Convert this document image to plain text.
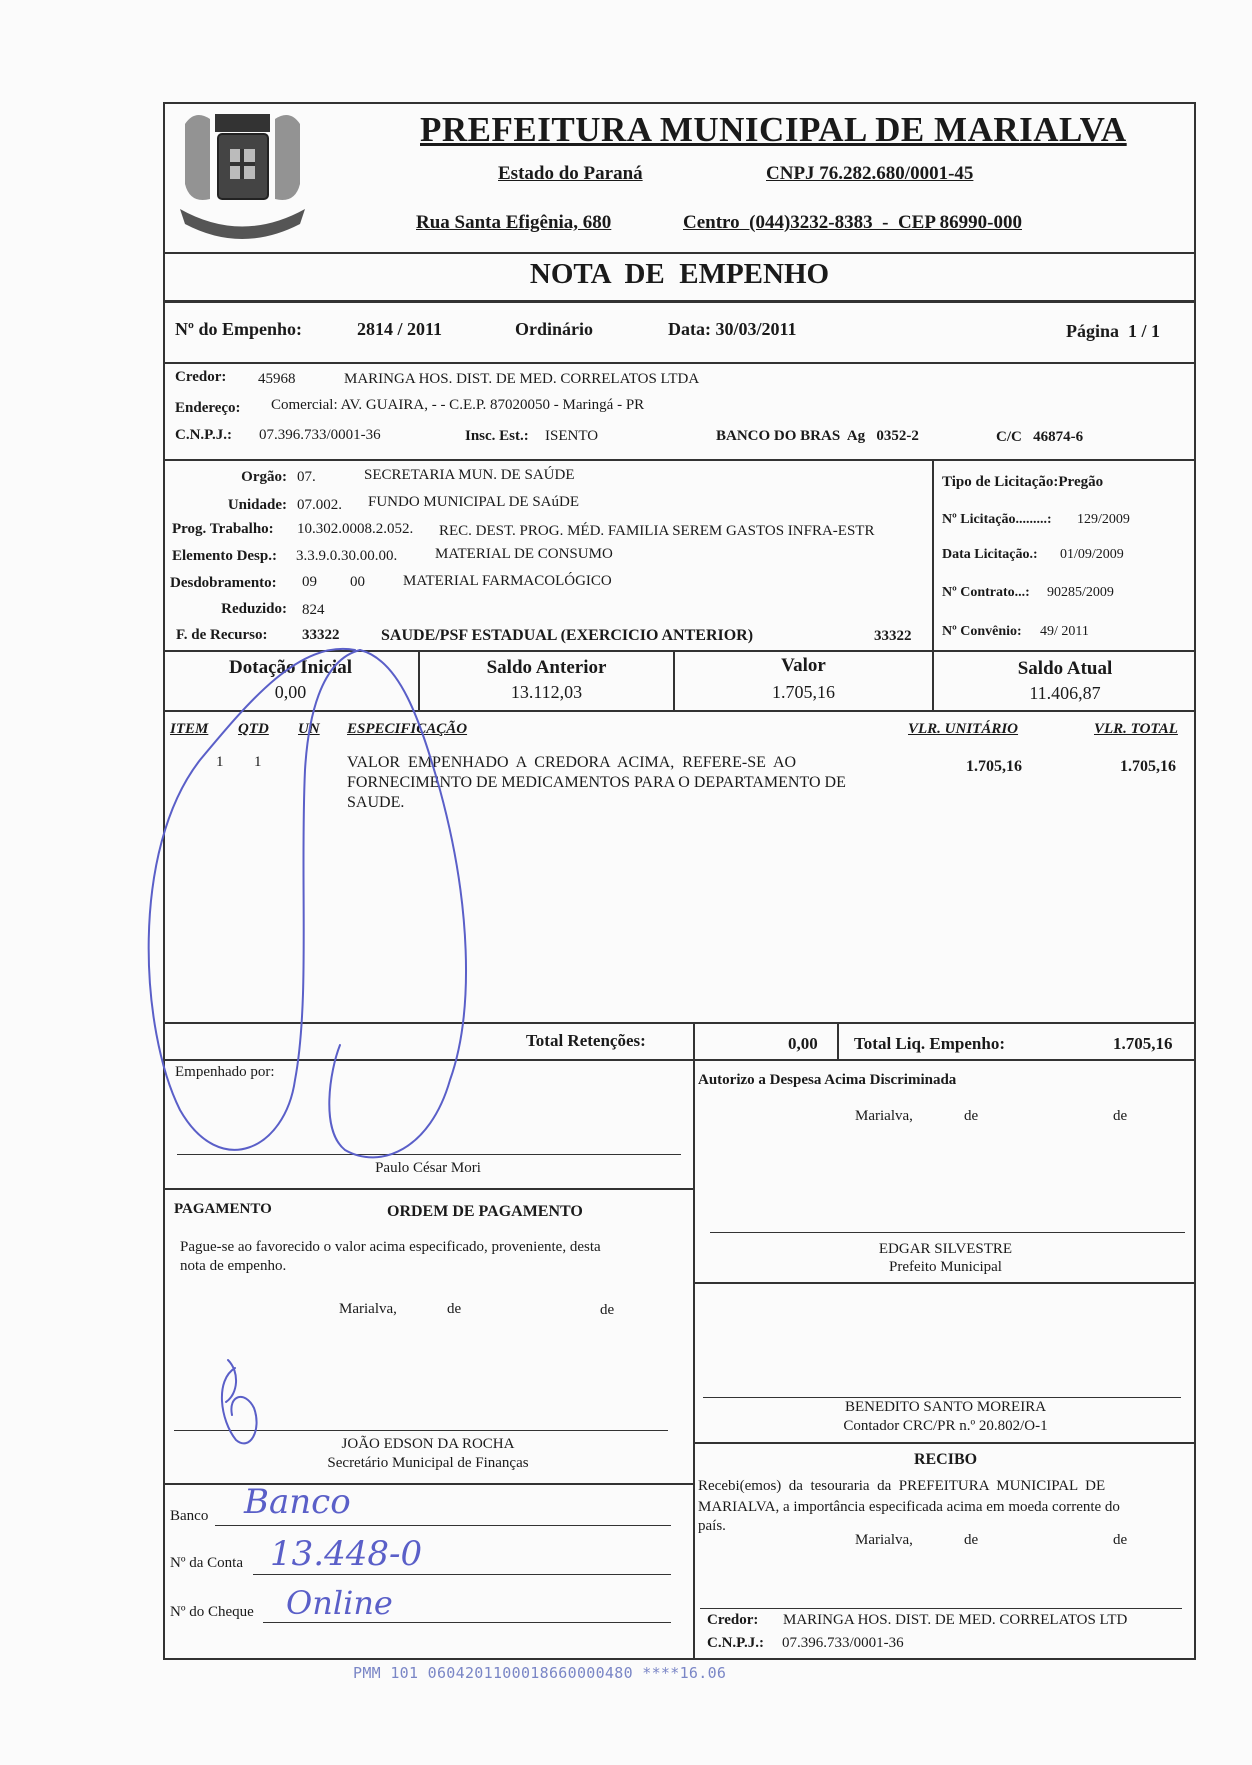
PREFEITURA MUNICIPAL DE MARIALVA
Estado do Paraná	CNPJ 76.282.680/0001-45
Rua Santa Efigênia, 680	Centro  (044)3232-8383  -  CEP 86990-000
NOTA  DE  EMPENHO
Nº do Empenho:	2814 / 2011	Ordinário	Data: 30/03/2011	Página  1 / 1
Credor: 45968	MARINGA HOS. DIST. DE MED. CORRELATOS LTDA
Endereço: Comercial: AV. GUAIRA, - - C.E.P. 87020050 - Maringá - PR
C.N.P.J.: 07.396.733/0001-36	Insc. Est.: ISENTO	BANCO DO BRAS  Ag   0352-2	C/C   46874-6
Orgão: 07.	SECRETARIA MUN. DE SAÚDE
Unidade: 07.002. FUNDO MUNICIPAL DE SAúDE
Prog. Trabalho: 10.302.0008.2.052. REC. DEST. PROG. MÉD. FAMILIA SEREM GASTOS INFRA-ESTR
Elemento Desp.: 3.3.9.0.30.00.00.	MATERIAL DE CONSUMO
Desdobramento: 09 00	MATERIAL FARMACOLÓGICO
Reduzido: 824
F. de Recurso: 33322	SAUDE/PSF ESTADUAL (EXERCICIO ANTERIOR)	33322
Tipo de Licitação:Pregão
Nº Licitação.........: 129/2009
Data Licitação.: 01/09/2009
Nº Contrato...: 90285/2009
Nº Convênio: 49/ 2011
Dotação Inicial
0,00
Saldo Anterior
13.112,03
Valor
1.705,16
Saldo Atual
11.406,87
ITEM QTD UN ESPECIFICAÇÃO	VLR. UNITÁRIO	VLR. TOTAL
1 1	VALOR  EMPENHADO  A  CREDORA  ACIMA,  REFERE-SE  AO
FORNECIMENTO DE MEDICAMENTOS PARA O DEPARTAMENTO DE
SAUDE.
1.705,16	1.705,16
Total Retenções:	0,00 Total Liq. Empenho:	1.705,16
Empenhado por:
Paulo César Mori
Autorizo a Despesa Acima Discriminada
Marialva,	de	de
EDGAR SILVESTRE
Prefeito Municipal
PAGAMENTO	ORDEM DE PAGAMENTO
Pague-se ao favorecido o valor acima especificado, proveniente, desta
nota de empenho.
Marialva,	de	de
JOÃO EDSON DA ROCHA
Secretário Municipal de Finanças
BENEDITO SANTO MOREIRA
Contador CRC/PR n.º 20.802/O-1
Banco Banco
Nº da Conta 13.448-0
Nº do Cheque Online
RECIBO
Recebi(emos)  da  tesouraria  da  PREFEITURA  MUNICIPAL  DE
MARIALVA, a importância especificada acima em moeda corrente do
país.
Marialva,	de	de
Credor: MARINGA HOS. DIST. DE MED. CORRELATOS LTD
C.N.P.J.: 07.396.733/0001-36
PMM 101 0604201100018660000480 ****16.06
